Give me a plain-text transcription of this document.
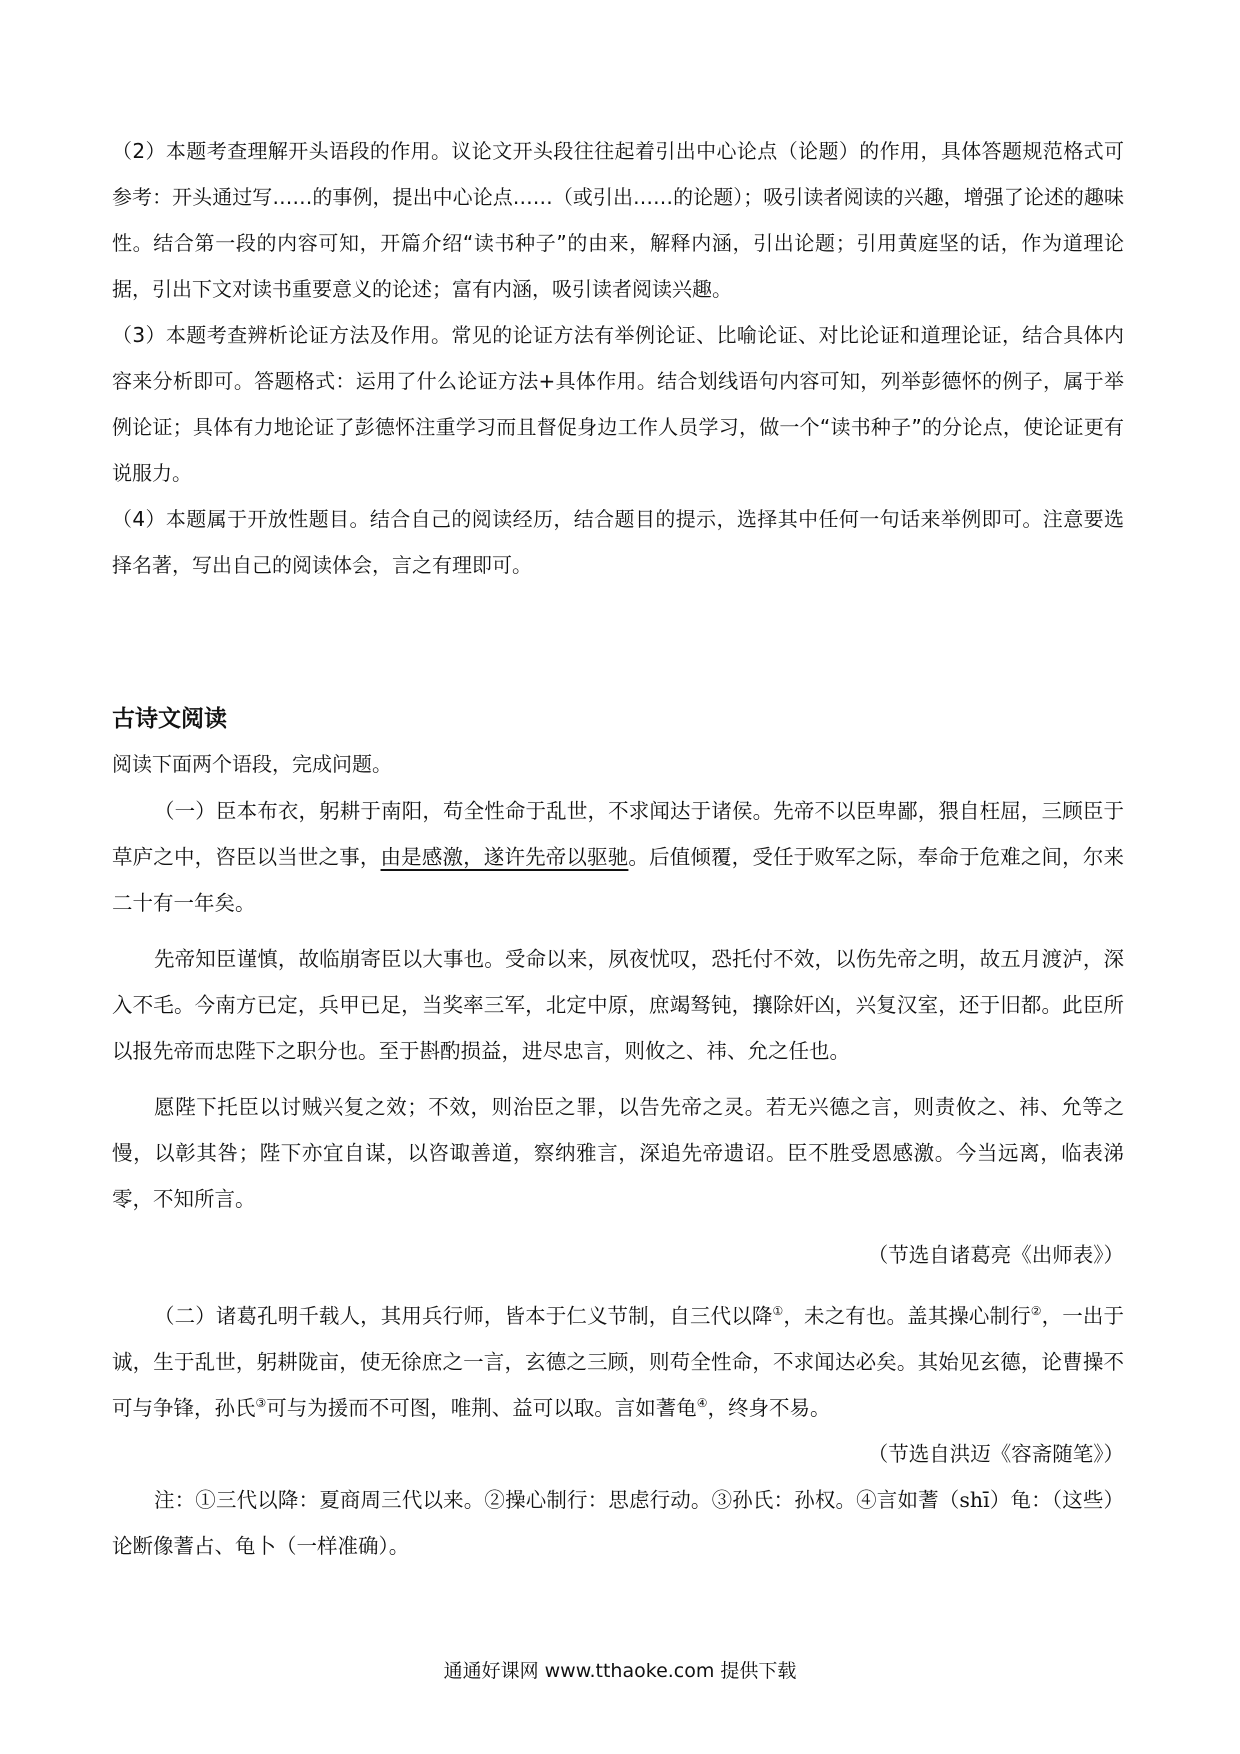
（2）本题考查理解开头语段的作用。议论文开头段往往起着引出中心论点（论题）的作用，具体答题规范格式可参考：开头通过写……的事例，提出中心论点……（或引出……的论题）；吸引读者阅读的兴趣，增强了论述的趣味性。结合第一段的内容可知，开篇介绍“读书种子”的由来，解释内涵，引出论题；引用黄庭坚的话，作为道理论据，引出下文对读书重要意义的论述；富有内涵，吸引读者阅读兴趣。

（3）本题考查辨析论证方法及作用。常见的论证方法有举例论证、比喻论证、对比论证和道理论证，结合具体内容来分析即可。答题格式：运用了什么论证方法+具体作用。结合划线语句内容可知，列举彭德怀的例子，属于举例论证；具体有力地论证了彭德怀注重学习而且督促身边工作人员学习，做一个“读书种子”的分论点，使论证更有说服力。

（4）本题属于开放性题目。结合自己的阅读经历，结合题目的提示，选择其中任何一句话来举例即可。注意要选择名著，写出自己的阅读体会，言之有理即可。

古诗文阅读

阅读下面两个语段，完成问题。

（一）臣本布衣，躬耕于南阳，苟全性命于乱世，不求闻达于诸侯。先帝不以臣卑鄙，猥自枉屈，三顾臣于草庐之中，咨臣以当世之事，由是感激，遂许先帝以驱驰。后值倾覆，受任于败军之际，奉命于危难之间，尔来二十有一年矣。

先帝知臣谨慎，故临崩寄臣以大事也。受命以来，夙夜忧叹，恐托付不效，以伤先帝之明，故五月渡泸，深入不毛。今南方已定，兵甲已足，当奖率三军，北定中原，庶竭驽钝，攘除奸凶，兴复汉室，还于旧都。此臣所以报先帝而忠陛下之职分也。至于斟酌损益，进尽忠言，则攸之、祎、允之任也。

愿陛下托臣以讨贼兴复之效；不效，则治臣之罪，以告先帝之灵。若无兴德之言，则责攸之、祎、允等之慢，以彰其咎；陛下亦宜自谋，以咨诹善道，察纳雅言，深追先帝遗诏。臣不胜受恩感激。今当远离，临表涕零，不知所言。

（节选自诸葛亮《出师表》）

（二）诸葛孔明千载人，其用兵行师，皆本于仁义节制，自三代以降①，未之有也。盖其操心制行②，一出于诚，生于乱世，躬耕陇亩，使无徐庶之一言，玄德之三顾，则苟全性命，不求闻达必矣。其始见玄德，论曹操不可与争锋，孙氏③可与为援而不可图，唯荆、益可以取。言如蓍龟④，终身不易。

（节选自洪迈《容斋随笔》）

注：①三代以降：夏商周三代以来。②操心制行：思虑行动。③孙氏：孙权。④言如蓍（shī）龟：（这些）论断像蓍占、龟卜（一样准确）。

通通好课网 www.tthaoke.com 提供下载
